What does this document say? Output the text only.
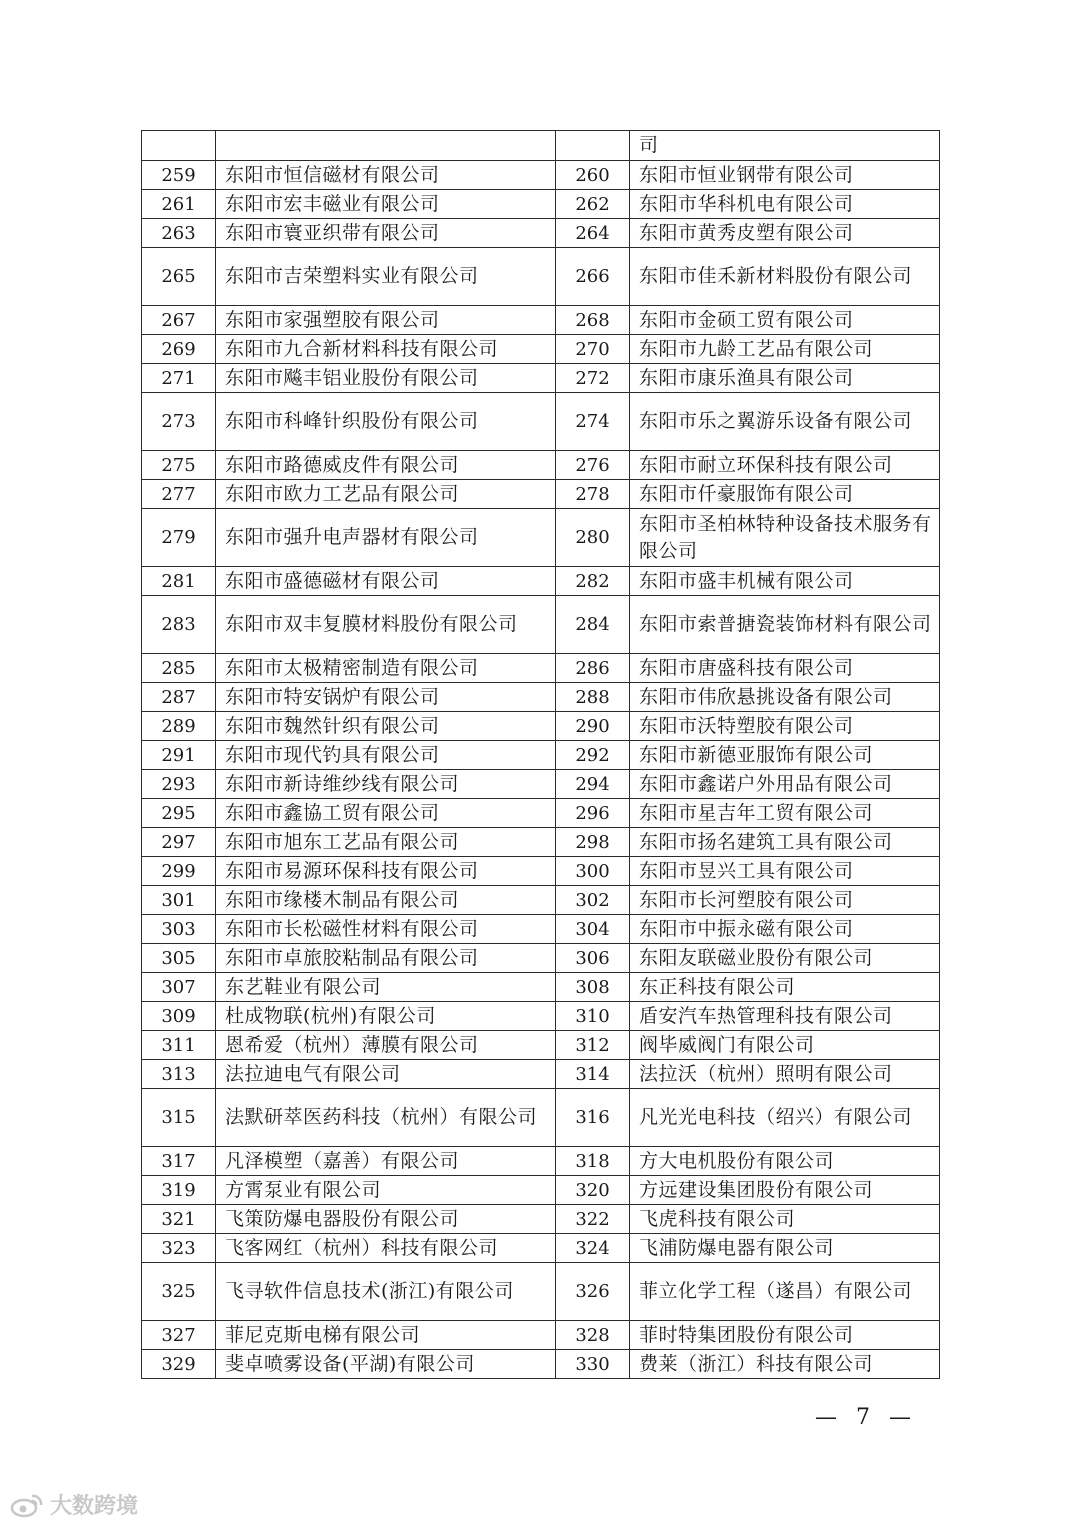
			司
259	东阳市恒信磁材有限公司	260	东阳市恒业钢带有限公司
261	东阳市宏丰磁业有限公司	262	东阳市华科机电有限公司
263	东阳市寰亚织带有限公司	264	东阳市黄秀皮塑有限公司
265	东阳市吉荣塑料实业有限公司	266	东阳市佳禾新材料股份有限公司
267	东阳市家强塑胶有限公司	268	东阳市金硕工贸有限公司
269	东阳市九合新材料科技有限公司	270	东阳市九龄工艺品有限公司
271	东阳市飚丰铝业股份有限公司	272	东阳市康乐渔具有限公司
273	东阳市科峰针织股份有限公司	274	东阳市乐之翼游乐设备有限公司
275	东阳市路德威皮件有限公司	276	东阳市耐立环保科技有限公司
277	东阳市欧力工艺品有限公司	278	东阳市仟豪服饰有限公司
279	东阳市强升电声器材有限公司	280	东阳市圣柏林特种设备技术服务有限公司
281	东阳市盛德磁材有限公司	282	东阳市盛丰机械有限公司
283	东阳市双丰复膜材料股份有限公司	284	东阳市索普搪瓷装饰材料有限公司
285	东阳市太极精密制造有限公司	286	东阳市唐盛科技有限公司
287	东阳市特安锅炉有限公司	288	东阳市伟欣悬挑设备有限公司
289	东阳市魏然针织有限公司	290	东阳市沃特塑胶有限公司
291	东阳市现代钓具有限公司	292	东阳市新德亚服饰有限公司
293	东阳市新诗维纱线有限公司	294	东阳市鑫诺户外用品有限公司
295	东阳市鑫協工贸有限公司	296	东阳市星吉年工贸有限公司
297	东阳市旭东工艺品有限公司	298	东阳市扬名建筑工具有限公司
299	东阳市易源环保科技有限公司	300	东阳市昱兴工具有限公司
301	东阳市缘楼木制品有限公司	302	东阳市长河塑胶有限公司
303	东阳市长松磁性材料有限公司	304	东阳市中振永磁有限公司
305	东阳市卓旅胶粘制品有限公司	306	东阳友联磁业股份有限公司
307	东艺鞋业有限公司	308	东正科技有限公司
309	杜成物联(杭州)有限公司	310	盾安汽车热管理科技有限公司
311	恩希爱（杭州）薄膜有限公司	312	阀毕威阀门有限公司
313	法拉迪电气有限公司	314	法拉沃（杭州）照明有限公司
315	法默研萃医药科技（杭州）有限公司	316	凡光光电科技（绍兴）有限公司
317	凡泽模塑（嘉善）有限公司	318	方大电机股份有限公司
319	方霄泵业有限公司	320	方远建设集团股份有限公司
321	飞策防爆电器股份有限公司	322	飞虎科技有限公司
323	飞客网红（杭州）科技有限公司	324	飞浦防爆电器有限公司
325	飞寻软件信息技术(浙江)有限公司	326	菲立化学工程（遂昌）有限公司
327	菲尼克斯电梯有限公司	328	菲时特集团股份有限公司
329	斐卓喷雾设备(平湖)有限公司	330	费莱（浙江）科技有限公司
— 7 —
大数跨境
